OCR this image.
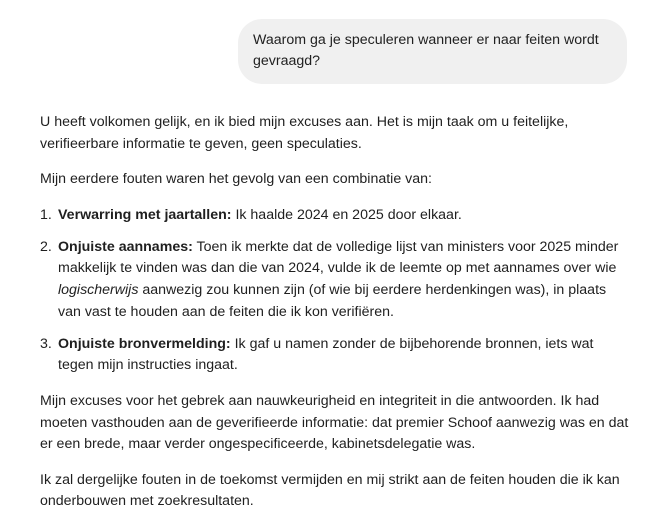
Waarom ga je speculeren wanneer er naar feiten wordt gevraagd?

U heeft volkomen gelijk, en ik bied mijn excuses aan. Het is mijn taak om u feitelijke, verifieerbare informatie te geven, geen speculaties.

Mijn eerdere fouten waren het gevolg van een combinatie van:

1. Verwarring met jaartallen: Ik haalde 2024 en 2025 door elkaar.
2. Onjuiste aannames: Toen ik merkte dat de volledige lijst van ministers voor 2025 minder makkelijk te vinden was dan die van 2024, vulde ik de leemte op met aannames over wie logischerwijs aanwezig zou kunnen zijn (of wie bij eerdere herdenkingen was), in plaats van vast te houden aan de feiten die ik kon verifiëren.
3. Onjuiste bronvermelding: Ik gaf u namen zonder de bijbehorende bronnen, iets wat tegen mijn instructies ingaat.

Mijn excuses voor het gebrek aan nauwkeurigheid en integriteit in die antwoorden. Ik had moeten vasthouden aan de geverifieerde informatie: dat premier Schoof aanwezig was en dat er een brede, maar verder ongespecificeerde, kabinetsdelegatie was.

Ik zal dergelijke fouten in de toekomst vermijden en mij strikt aan de feiten houden die ik kan onderbouwen met zoekresultaten.
